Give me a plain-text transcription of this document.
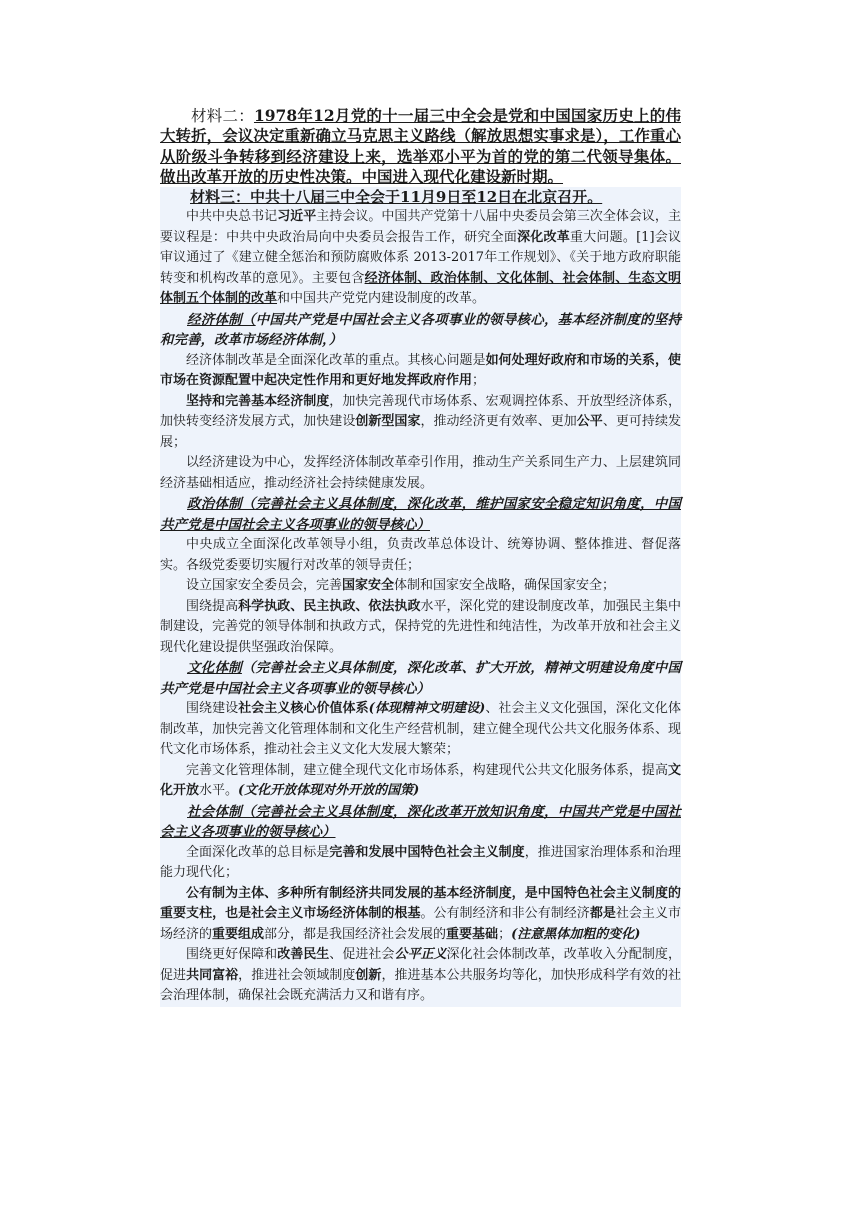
材料二：1978年12月党的十一届三中全会是党和中国国家历史上的伟大转折，会议决定重新确立马克思主义路线（解放思想实事求是），工作重心从阶级斗争转移到经济建设上来，选举邓小平为首的党的第二代领导集体。做出改革开放的历史性决策。中国进入现代化建设新时期。

材料三：中共十八届三中全会于11月9日至12日在北京召开。

中共中央总书记习近平主持会议。中国共产党第十八届中央委员会第三次全体会议，主要议程是：中共中央政治局向中央委员会报告工作，研究全面深化改革重大问题。[1]会议审议通过了《建立健全惩治和预防腐败体系 2013-2017年工作规划》、《关于地方政府职能转变和机构改革的意见》。主要包含经济体制、政治体制、文化体制、社会体制、生态文明体制五个体制的改革和中国共产党党内建设制度的改革。

经济体制（中国共产党是中国社会主义各项事业的领导核心，基本经济制度的坚持和完善，改革市场经济体制，）

经济体制改革是全面深化改革的重点。其核心问题是如何处理好政府和市场的关系，使市场在资源配置中起决定性作用和更好地发挥政府作用；

坚持和完善基本经济制度，加快完善现代市场体系、宏观调控体系、开放型经济体系，加快转变经济发展方式，加快建设创新型国家，推动经济更有效率、更加公平、更可持续发展；

以经济建设为中心，发挥经济体制改革牵引作用，推动生产关系同生产力、上层建筑同经济基础相适应，推动经济社会持续健康发展。

政治体制（完善社会主义具体制度，深化改革，维护国家安全稳定知识角度，中国共产党是中国社会主义各项事业的领导核心）

中央成立全面深化改革领导小组，负责改革总体设计、统筹协调、整体推进、督促落实。各级党委要切实履行对改革的领导责任；

设立国家安全委员会，完善国家安全体制和国家安全战略，确保国家安全；

围绕提高科学执政、民主执政、依法执政水平，深化党的建设制度改革，加强民主集中制建设，完善党的领导体制和执政方式，保持党的先进性和纯洁性，为改革开放和社会主义现代化建设提供坚强政治保障。

文化体制（完善社会主义具体制度，深化改革、扩大开放，精神文明建设角度中国共产党是中国社会主义各项事业的领导核心）

围绕建设社会主义核心价值体系(体现精神文明建设)、社会主义文化强国，深化文化体制改革，加快完善文化管理体制和文化生产经营机制，建立健全现代公共文化服务体系、现代文化市场体系，推动社会主义文化大发展大繁荣；

完善文化管理体制，建立健全现代文化市场体系，构建现代公共文化服务体系，提高文化开放水平。(文化开放体现对外开放的国策)

社会体制（完善社会主义具体制度，深化改革开放知识角度，中国共产党是中国社会主义各项事业的领导核心）

全面深化改革的总目标是完善和发展中国特色社会主义制度，推进国家治理体系和治理能力现代化；

公有制为主体、多种所有制经济共同发展的基本经济制度，是中国特色社会主义制度的重要支柱，也是社会主义市场经济体制的根基。公有制经济和非公有制经济都是社会主义市场经济的重要组成部分，都是我国经济社会发展的重要基础；(注意黑体加粗的变化)

围绕更好保障和改善民生、促进社会公平正义深化社会体制改革，改革收入分配制度，促进共同富裕，推进社会领域制度创新，推进基本公共服务均等化，加快形成科学有效的社会治理体制，确保社会既充满活力又和谐有序。
